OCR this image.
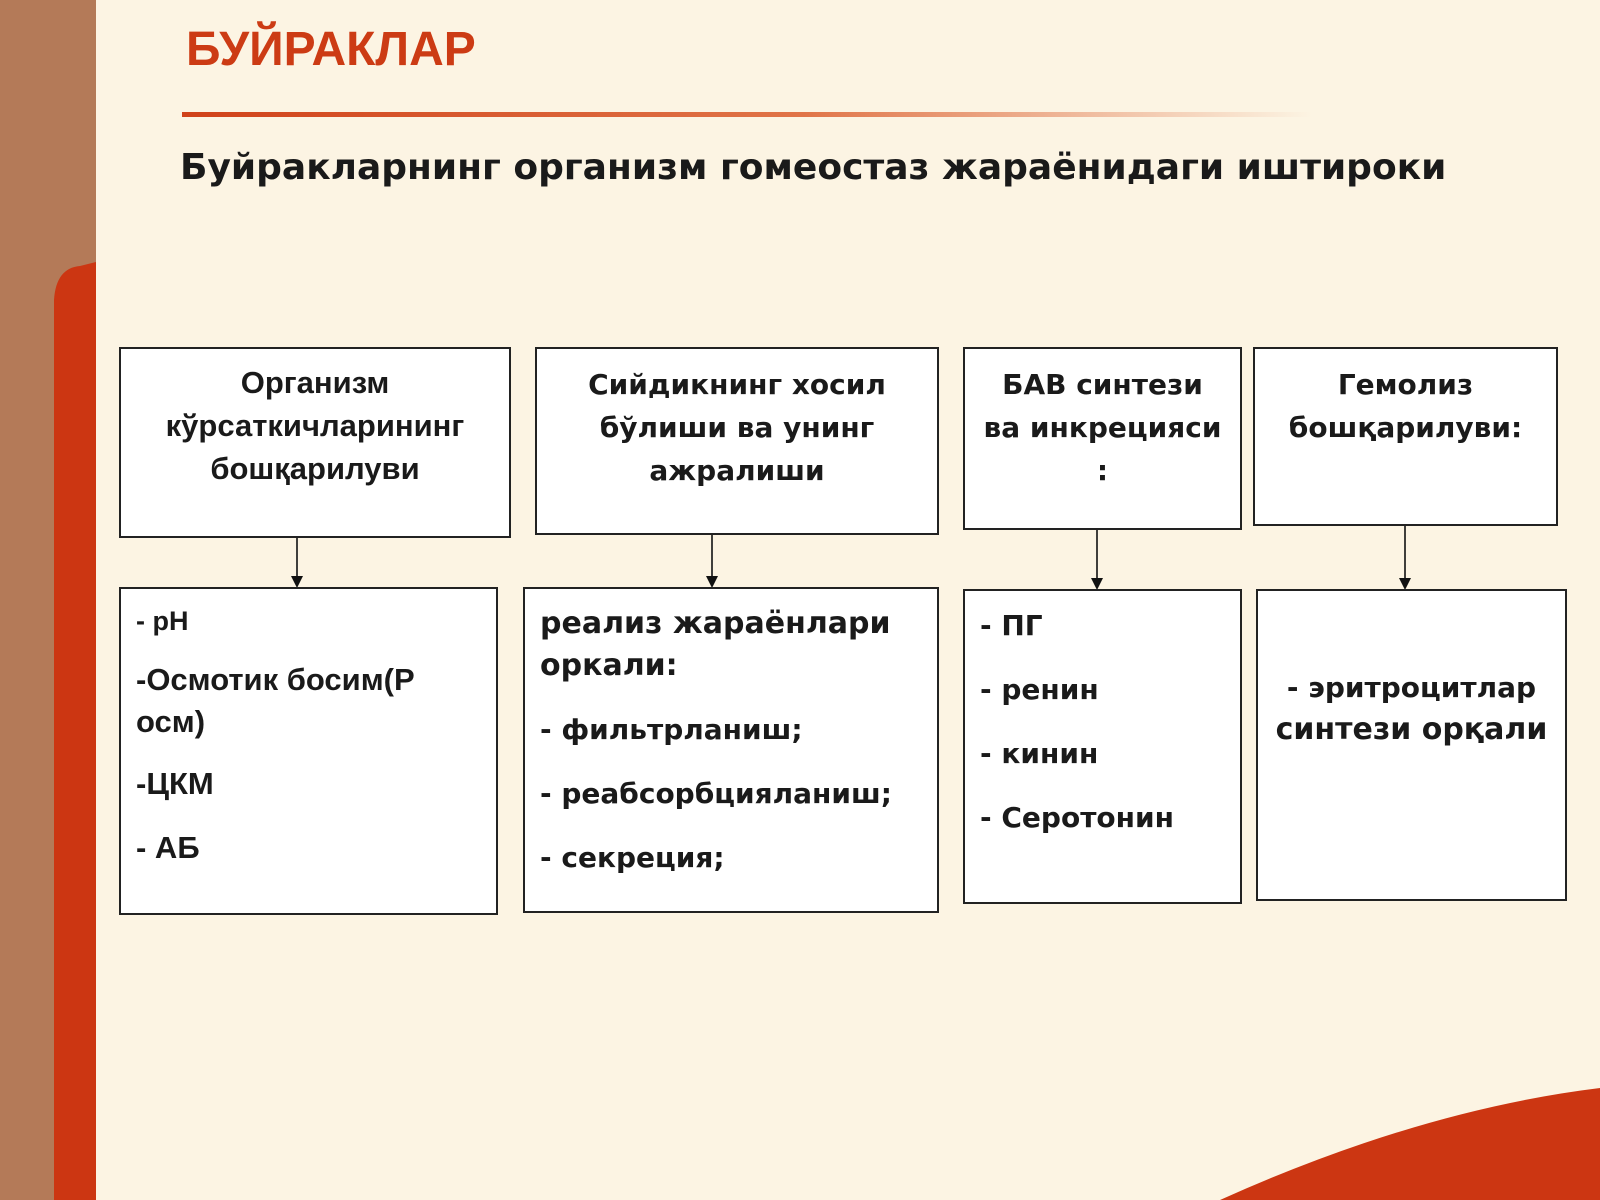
БУЙРАКЛАР
Буйракларнинг организм гомеостаз жараёнидаги иштироки
Организм
кўрсаткичларининг
бошқарилуви
- pH
-Осмотик босим(Р
осм)
-ЦКМ
- АБ
Сийдикнинг хосил
бўлиши ва унинг
ажралиши
реализ жараёнлари
оркали:
- фильтрланиш;
- реабсорбцияланиш;
- секреция;
БАВ синтези
ва инкрецияси
:
- ПГ
- ренин
- кинин
- Серотонин
Гемолиз
бошқарилуви:
- эритроцитлар
синтези орқали
